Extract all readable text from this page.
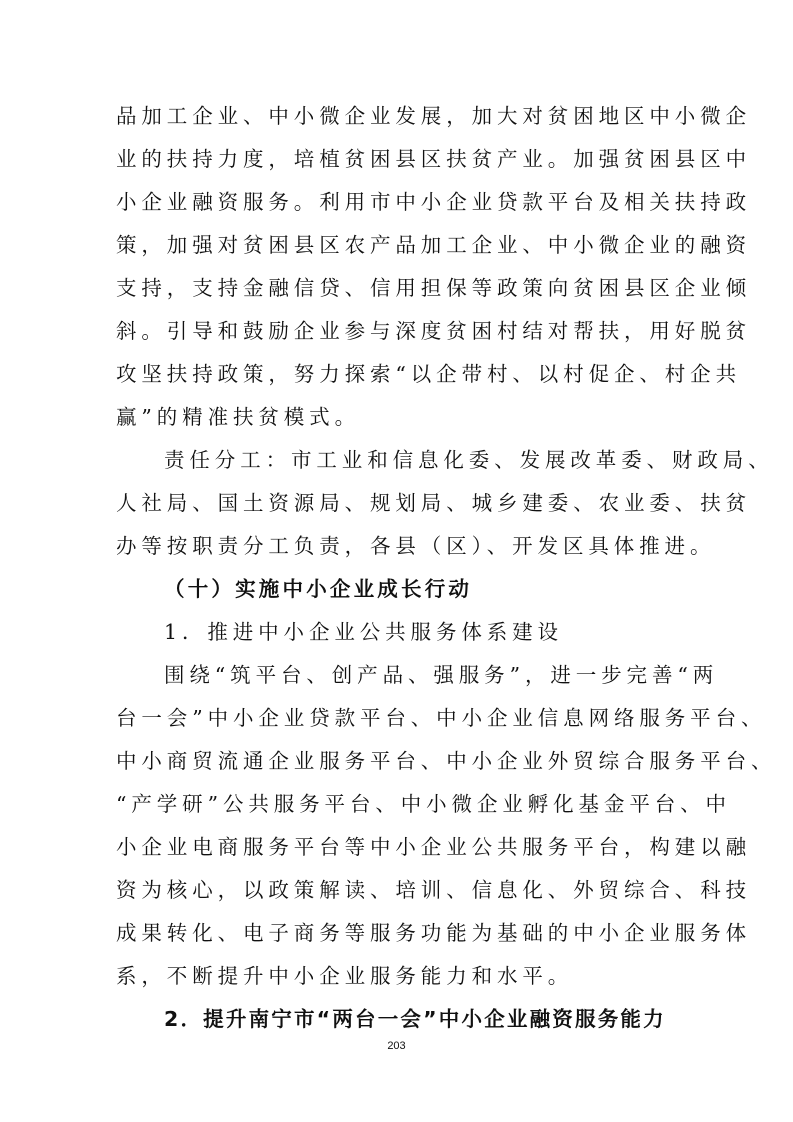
品加工企业、中小微企业发展，加大对贫困地区中小微企
业的扶持力度，培植贫困县区扶贫产业。加强贫困县区中
小企业融资服务。利用市中小企业贷款平台及相关扶持政
策，加强对贫困县区农产品加工企业、中小微企业的融资
支持，支持金融信贷、信用担保等政策向贫困县区企业倾
斜。引导和鼓励企业参与深度贫困村结对帮扶，用好脱贫
攻坚扶持政策，努力探索“以企带村、以村促企、村企共
赢”的精准扶贫模式。
责任分工：市工业和信息化委、发展改革委、财政局、
人社局、国土资源局、规划局、城乡建委、农业委、扶贫
办等按职责分工负责，各县（区）、开发区具体推进。
（十）实施中小企业成长行动
1．推进中小企业公共服务体系建设
围绕“筑平台、创产品、强服务”，进一步完善“两
台一会”中小企业贷款平台、中小企业信息网络服务平台、
中小商贸流通企业服务平台、中小企业外贸综合服务平台、
“产学研”公共服务平台、中小微企业孵化基金平台、中
小企业电商服务平台等中小企业公共服务平台，构建以融
资为核心，以政策解读、培训、信息化、外贸综合、科技
成果转化、电子商务等服务功能为基础的中小企业服务体
系，不断提升中小企业服务能力和水平。
2．提升南宁市“两台一会”中小企业融资服务能力
203
